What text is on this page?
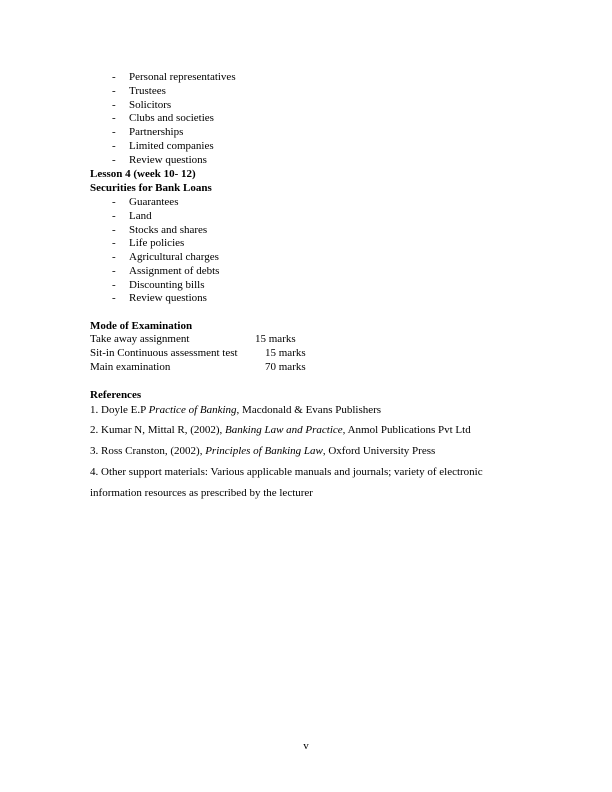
- Personal representatives
- Trustees
- Solicitors
- Clubs and societies
- Partnerships
- Limited companies
- Review questions
Lesson 4 (week 10- 12)
Securities for Bank Loans
- Guarantees
- Land
- Stocks and shares
- Life policies
- Agricultural charges
- Assignment of debts
- Discounting bills
- Review questions
Mode of Examination
Take away assignment	15 marks
Sit-in Continuous assessment test 15 marks
Main examination	70 marks
References
1. Doyle E.P Practice of Banking, Macdonald & Evans Publishers
2. Kumar N, Mittal R, (2002), Banking Law and Practice, Anmol Publications Pvt Ltd
3. Ross Cranston, (2002), Principles of Banking Law, Oxford University Press
4. Other support materials: Various applicable manuals and journals; variety of electronic
information resources as prescribed by the lecturer
v
